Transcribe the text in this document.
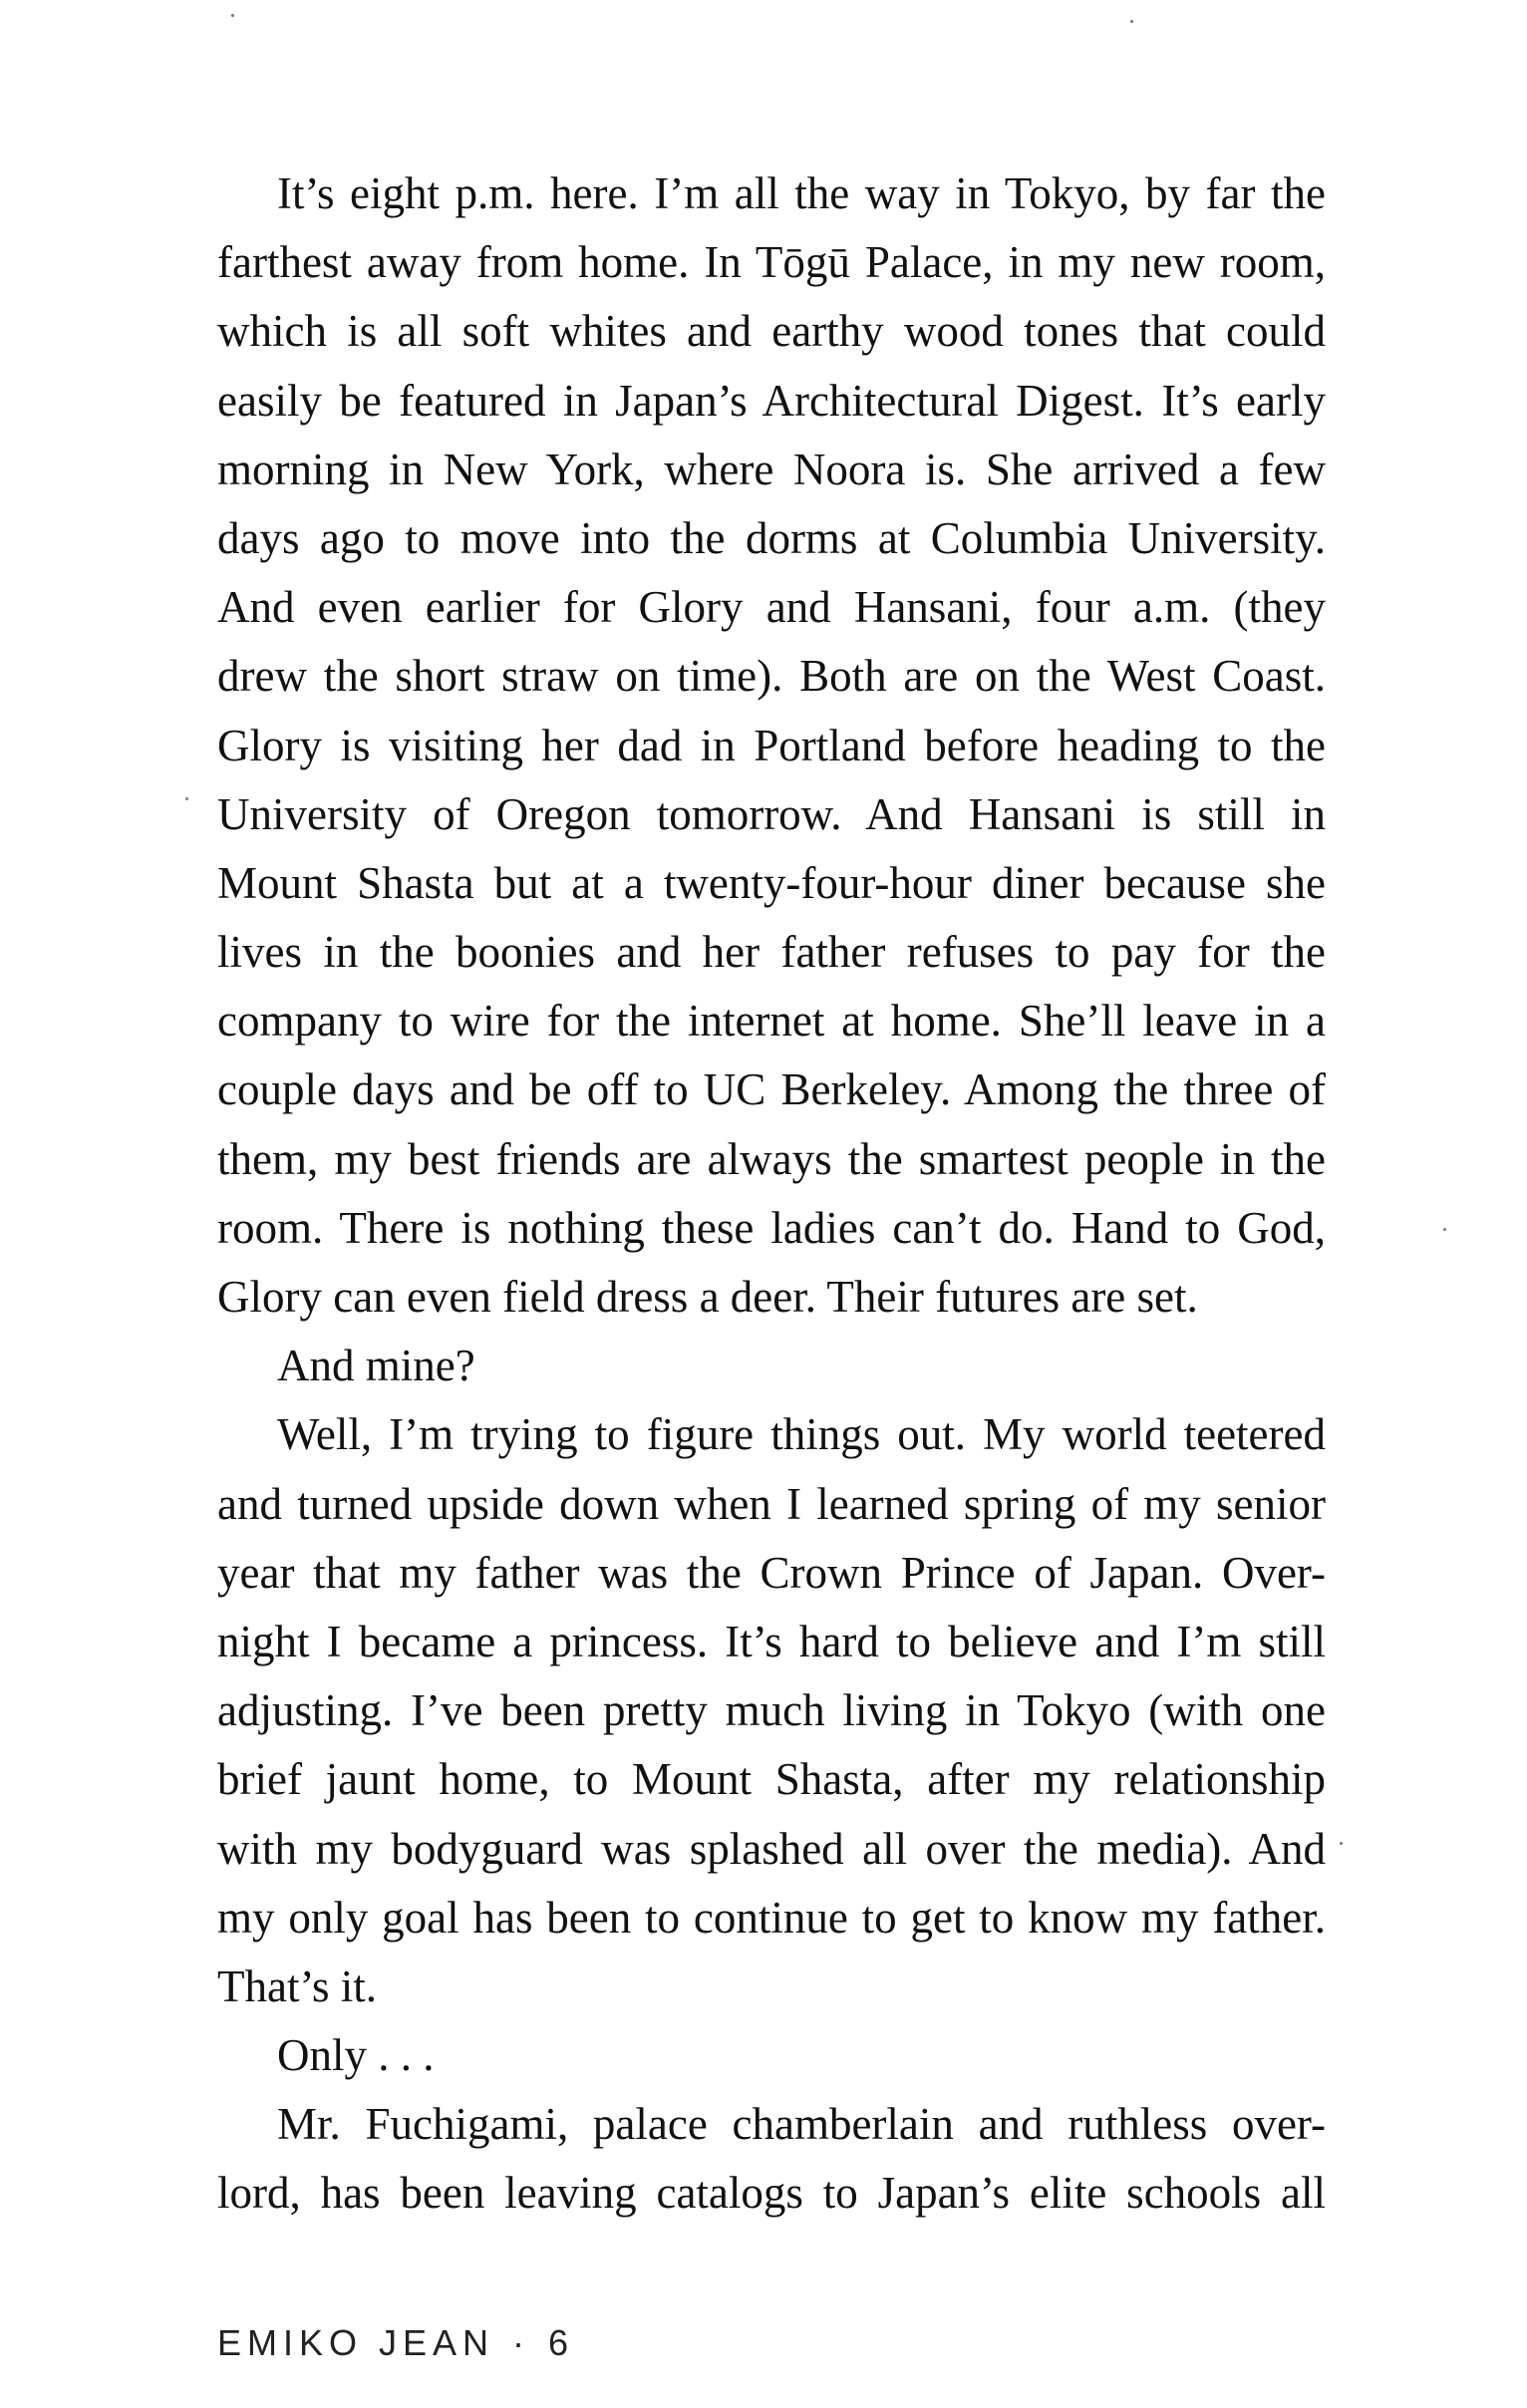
It’s eight p.m. here. I’m all the way in Tokyo, by far the
farthest away from home. In Tōgū Palace, in my new room,
which is all soft whites and earthy wood tones that could
easily be featured in Japan’s Architectural Digest. It’s early
morning in New York, where Noora is. She arrived a few
days ago to move into the dorms at Columbia University.
And even earlier for Glory and Hansani, four a.m. (they
drew the short straw on time). Both are on the West Coast.
Glory is visiting her dad in Portland before heading to the
University of Oregon tomorrow. And Hansani is still in
Mount Shasta but at a twenty-four-hour diner because she
lives in the boonies and her father refuses to pay for the
company to wire for the internet at home. She’ll leave in a
couple days and be off to UC Berkeley. Among the three of
them, my best friends are always the smartest people in the
room. There is nothing these ladies can’t do. Hand to God,
Glory can even field dress a deer. Their futures are set.
And mine?
Well, I’m trying to figure things out. My world teetered
and turned upside down when I learned spring of my senior
year that my father was the Crown Prince of Japan. Over-
night I became a princess. It’s hard to believe and I’m still
adjusting. I’ve been pretty much living in Tokyo (with one
brief jaunt home, to Mount Shasta, after my relationship
with my bodyguard was splashed all over the media). And
my only goal has been to continue to get to know my father.
That’s it.
Only . . .
Mr. Fuchigami, palace chamberlain and ruthless over-
lord, has been leaving catalogs to Japan’s elite schools all
EMIKO JEAN · 6
